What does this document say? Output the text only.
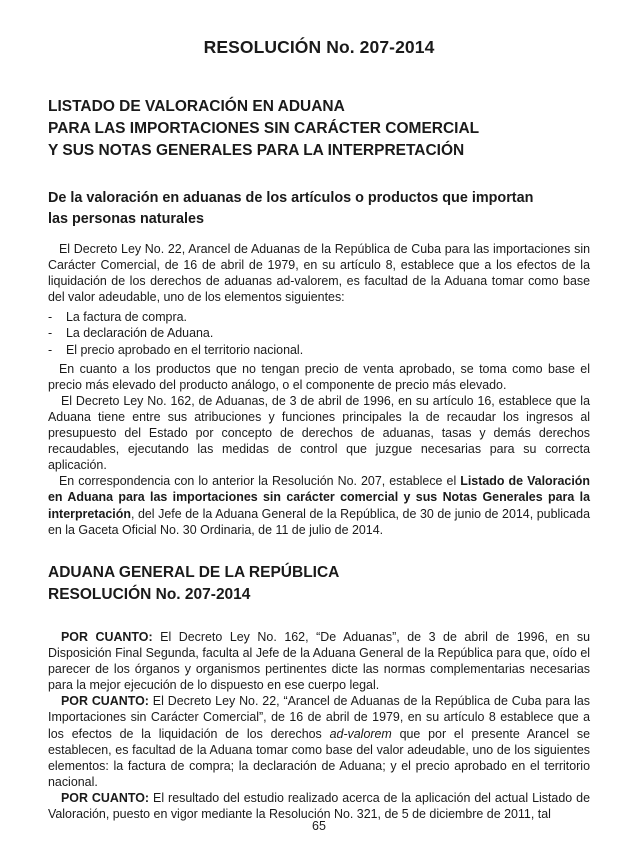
RESOLUCIÓN No. 207-2014
LISTADO DE VALORACIÓN EN ADUANA
PARA LAS IMPORTACIONES SIN CARÁCTER COMERCIAL
Y SUS NOTAS GENERALES PARA LA INTERPRETACIÓN
De la valoración en aduanas de los artículos o productos que importan
las personas naturales

El Decreto Ley No. 22, Arancel de Aduanas de la República de Cuba para las importaciones sin Carácter Comercial, de 16 de abril de 1979, en su artículo 8, establece que a los efectos de la liquidación de los derechos de aduanas ad-valorem, es facultad de la Aduana tomar como base del valor adeudable, uno de los elementos siguientes:

- La factura de compra.
- La declaración de Aduana.
- El precio aprobado en el territorio nacional.

En cuanto a los productos que no tengan precio de venta aprobado, se toma como base el precio más elevado del producto análogo, o el componente de precio más elevado.

El Decreto Ley No. 162, de Aduanas, de 3 de abril de 1996, en su artículo 16, establece que la Aduana tiene entre sus atribuciones y funciones principales la de recaudar los ingresos al presupuesto del Estado por concepto de derechos de aduanas, tasas y demás derechos recaudables, ejecutando las medidas de control que juzgue necesarias para su correcta aplicación.

En correspondencia con lo anterior la Resolución No. 207, establece el Listado de Valoración en Aduana para las importaciones sin carácter comercial y sus Notas Generales para la interpretación, del Jefe de la Aduana General de la República, de 30 de junio de 2014, publicada en la Gaceta Oficial No. 30 Ordinaria, de 11 de julio de 2014.

ADUANA GENERAL DE LA REPÚBLICA
RESOLUCIÓN No. 207-2014

POR CUANTO: El Decreto Ley No. 162, “De Aduanas”, de 3 de abril de 1996, en su Disposición Final Segunda, faculta al Jefe de la Aduana General de la República para que, oído el parecer de los órganos y organismos pertinentes dicte las normas complementarias necesarias para la mejor ejecución de lo dispuesto en ese cuerpo legal.

POR CUANTO: El Decreto Ley No. 22, “Arancel de Aduanas de la República de Cuba para las Importaciones sin Carácter Comercial”, de 16 de abril de 1979, en su artículo 8 establece que a los efectos de la liquidación de los derechos ad-valorem que por el presente Arancel se establecen, es facultad de la Aduana tomar como base del valor adeudable, uno de los siguientes elementos: la factura de compra; la declaración de Aduana; y el precio aprobado en el territorio nacional.

POR CUANTO: El resultado del estudio realizado acerca de la aplicación del actual Listado de Valoración, puesto en vigor mediante la Resolución No. 321, de 5 de diciembre de 2011, tal

65
